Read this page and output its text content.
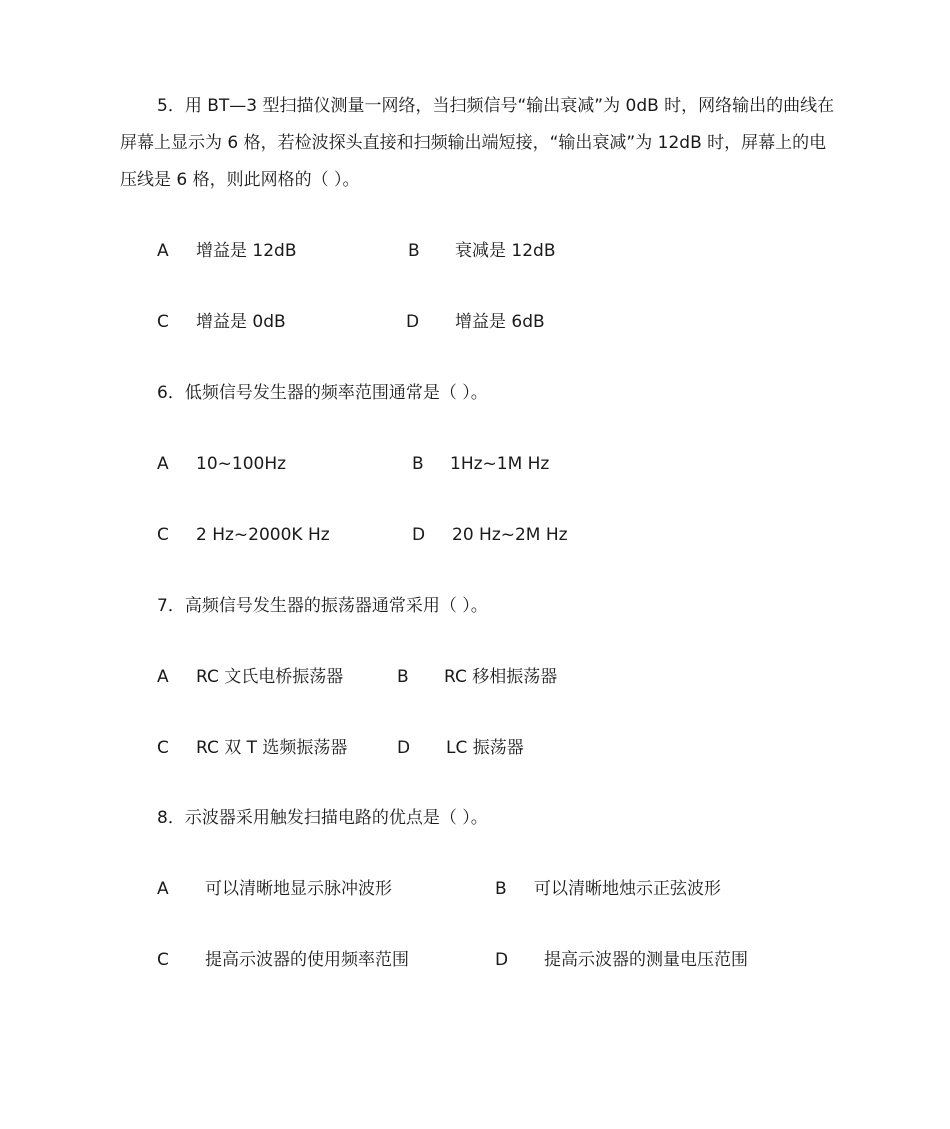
5．用 BT—3 型扫描仪测量一网络，当扫频信号“输出衰减”为 0dB 时，网络输出的曲线在屏幕上显示为 6 格，若检波探头直接和扫频输出端短接，“输出衰减”为 12dB 时，屏幕上的电压线是 6 格，则此网格的（ ）。

A 增益是 12dB	B 衰减是 12dB
C 增益是 0dB	D 增益是 6dB

6．低频信号发生器的频率范围通常是（ ）。

A 10~100Hz	B 1Hz~1M Hz
C 2 Hz~2000K Hz	D 20 Hz~2M Hz

7．高频信号发生器的振荡器通常采用（ ）。

A RC 文氏电桥振荡器	B RC 移相振荡器
C RC 双 T 选频振荡器	D LC 振荡器

8．示波器采用触发扫描电路的优点是（ ）。

A 可以清晰地显示脉冲波形	B 可以清晰地烛示正弦波形
C 提高示波器的使用频率范围	D 提高示波器的测量电压范围
